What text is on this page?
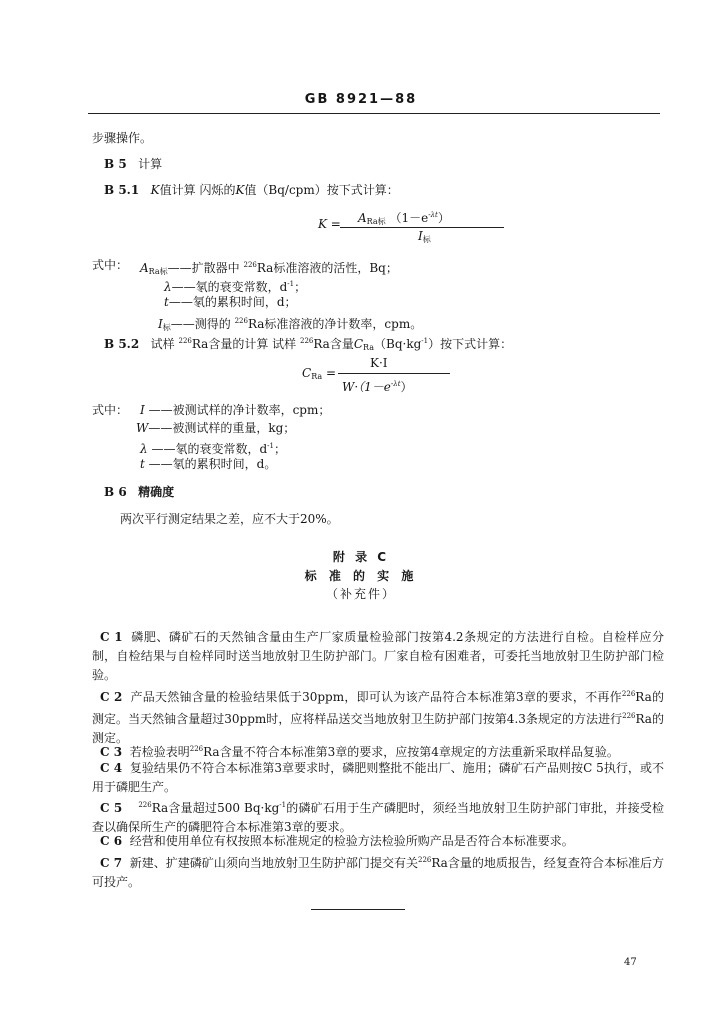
GB 8921—88
步骤操作。
B 5 计算
B 5.1 K值计算 闪烁的K值（Bq/cpm）按下式计算：
$K = A_{Ra标}$ $(1-e^{-\lambda t})$
$I_标$
式中： $A_{Ra标}——$扩散器中 $^{226}$Ra标准溶液的活性，Bq；
λ——氡的衰变常数，$d^{-1}$；
t——氡的累积时间，d；
$I_标——$测得的 $^{226}$Ra标准溶液的净计数率，cpm。
B 5.2 试样 $^{226}$Ra含量的计算 试样 $^{226}$Ra含量$C_{Ra}(Bq\cdot kg^{-1})$按下式计算：
$C_{Ra}$ =
K·I
$W\cdot(1-e^{-\lambda t})$
式中： I ——被测试样的净计数率，cpm；
W——被测试样的重量，kg；
λ ——氡的衰变常数，$d^{-1}$；
t ——氡的累积时间，d。
B 6 精确度
两次平行测定结果之差，应不大于20%。
附 录 C
标 准 的 实 施
（补充件）
C 1 磷肥、磷矿石的天然铀含量由生产厂家质量检验部门按第4.2条规定的方法进行自检。自检样应分制，自检结果与自检样同时送当地放射卫生防护部门。厂家自检有困难者，可委托当地放射卫生防护部门检验。
C 2 产品天然铀含量的检验结果低于30ppm，即可认为该产品符合本标准第3章的要求，不再作$^{226}$Ra的测定。当天然铀含量超过30ppm时，应将样品送交当地放射卫生防护部门按第4.3条规定的方法进行$^{226}$Ra的测定。
C 3 若检验表明$^{226}$Ra含量不符合本标准第3章的要求，应按第4章规定的方法重新采取样品复验。
C 4 复验结果仍不符合本标准第3章要求时，磷肥则整批不能出厂、施用；磷矿石产品则按C 5执行，或不用于磷肥生产。
C 5 $^{226}$Ra含量超过500 $Bq\cdot kg^{-1}$的磷矿石用于生产磷肥时，须经当地放射卫生防护部门审批，并接受检查以确保所生产的磷肥符合本标准第3章的要求。
C 6 经营和使用单位有权按照本标准规定的检验方法检验所购产品是否符合本标准要求。
C 7 新建、扩建磷矿山须向当地放射卫生防护部门提交有关$^{226}$Ra含量的地质报告，经复查符合本标准后方可投产。
47
